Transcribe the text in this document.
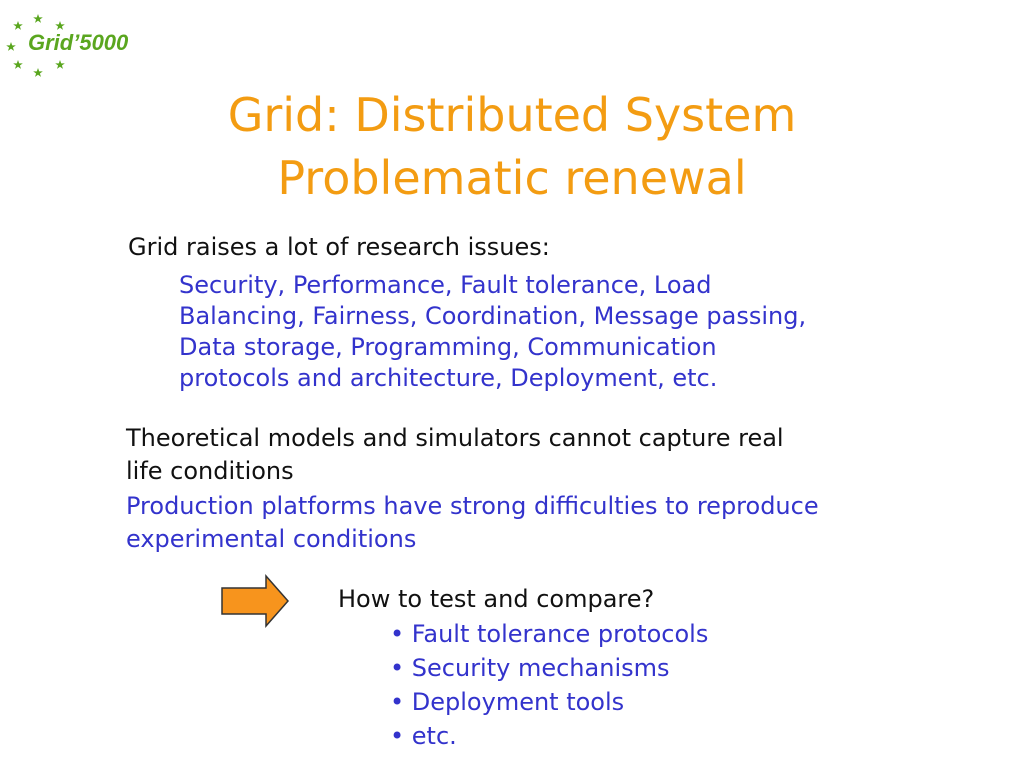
Grid’5000
Grid: Distributed System
Problematic renewal
Grid raises a lot of research issues:
Security, Performance, Fault tolerance, Load
Balancing, Fairness, Coordination, Message passing,
Data storage, Programming, Communication
protocols and architecture, Deployment, etc.
Theoretical models and simulators cannot capture real
life conditions
Production platforms have strong difficulties to reproduce
experimental conditions
How to test and compare?
• Fault tolerance protocols
• Security mechanisms
• Deployment tools
• etc.
